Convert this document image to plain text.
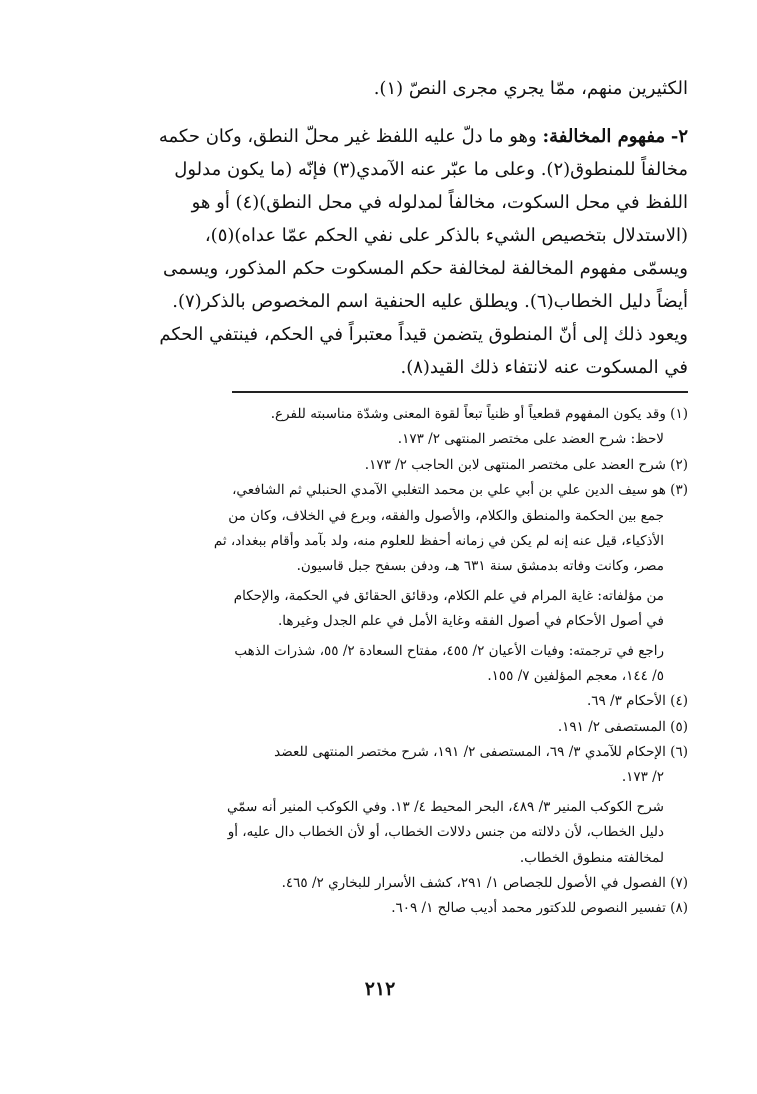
الكثيرين منهم، ممّا يجري مجرى النصّ (١).
٢- مفهوم المخالفة: وهو ما دلّ عليه اللفظ غير محلّ النطق، وكان حكمه
مخالفاً للمنطوق(٢). وعلى ما عبّر عنه الآمدي(٣) فإنّه (ما يكون مدلول
اللفظ في محل السكوت، مخالفاً لمدلوله في محل النطق)(٤) أو هو
(الاستدلال بتخصيص الشيء بالذكر على نفي الحكم عمّا عداه)(٥)،
ويسمّى مفهوم المخالفة لمخالفة حكم المسكوت حكم المذكور، ويسمى
أيضاً دليل الخطاب(٦). ويطلق عليه الحنفية اسم المخصوص بالذكر(٧).
ويعود ذلك إلى أنّ المنطوق يتضمن قيداً معتبراً في الحكم، فينتفي الحكم
في المسكوت عنه لانتفاء ذلك القيد(٨).
(١) وقد يكون المفهوم قطعياً أو ظنياً تبعاً لقوة المعنى وشدّة مناسبته للفرع.
لاحظ: شرح العضد على مختصر المنتهى ٢/ ١٧٣.
(٢) شرح العضد على مختصر المنتهى لابن الحاجب ٢/ ١٧٣.
(٣) هو سيف الدين علي بن أبي علي بن محمد التغلبي الآمدي الحنبلي ثم الشافعي،
جمع بين الحكمة والمنطق والكلام، والأصول والفقه، وبرع في الخلاف، وكان من
الأذكياء، قيل عنه إنه لم يكن في زمانه أحفظ للعلوم منه، ولد بآمد وأقام ببغداد، ثم
مصر، وكانت وفاته بدمشق سنة ٦٣١ هـ، ودفن بسفح جبل قاسيون.
من مؤلفاته: غاية المرام في علم الكلام، ودقائق الحقائق في الحكمة، والإحكام
في أصول الأحكام في أصول الفقه وغاية الأمل في علم الجدل وغيرها.
راجع في ترجمته: وفيات الأعيان ٢/ ٤٥٥، مفتاح السعادة ٢/ ٥٥، شذرات الذهب
٥/ ١٤٤، معجم المؤلفين ٧/ ١٥٥.
(٤) الأحكام ٣/ ٦٩.
(٥) المستصفى ٢/ ١٩١.
(٦) الإحكام للآمدي ٣/ ٦٩، المستصفى ٢/ ١٩١، شرح مختصر المنتهى للعضد
٢/ ١٧٣.
شرح الكوكب المنير ٣/ ٤٨٩، البحر المحيط ٤/ ١٣. وفي الكوكب المنير أنه سمّي
دليل الخطاب، لأن دلالته من جنس دلالات الخطاب، أو لأن الخطاب دال عليه، أو
لمخالفته منطوق الخطاب.
(٧) الفصول في الأصول للجصاص ١/ ٢٩١، كشف الأسرار للبخاري ٢/ ٤٦٥.
(٨) تفسير النصوص للدكتور محمد أديب صالح ١/ ٦٠٩.
٢١٢
